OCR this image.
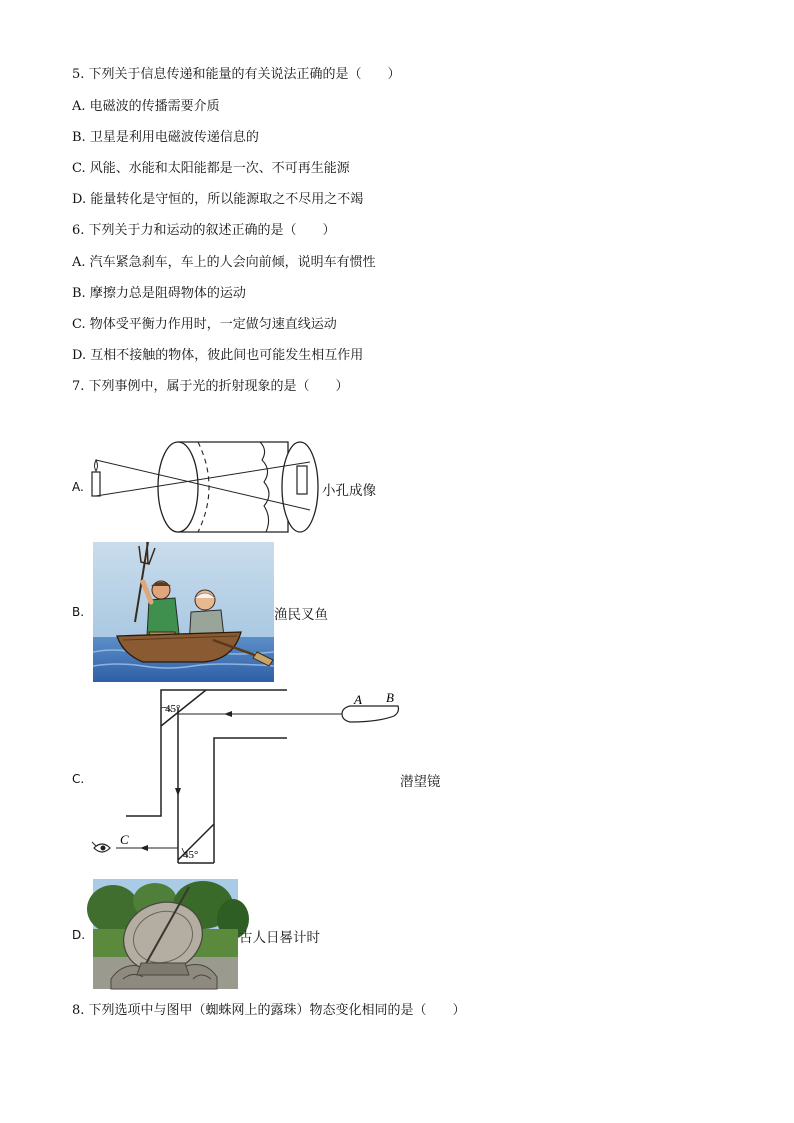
5. 下列关于信息传递和能量的有关说法正确的是（　　）
A. 电磁波的传播需要介质
B. 卫星是利用电磁波传递信息的
C. 风能、水能和太阳能都是一次、不可再生能源
D. 能量转化是守恒的，所以能源取之不尽用之不竭
6. 下列关于力和运动的叙述正确的是（　　）
A. 汽车紧急刹车，车上的人会向前倾，说明车有惯性
B. 摩擦力总是阻碍物体的运动
C. 物体受平衡力作用时，一定做匀速直线运动
D. 互相不接触的物体，彼此间也可能发生相互作用
7. 下列事例中，属于光的折射现象的是（　　）
A.	小孔成像
B.	渔民叉鱼
C.
A B
C
45°
45°
潜望镜
D.	古人日晷计时
8. 下列选项中与图甲（蜘蛛网上的露珠）物态变化相同的是（　　）
